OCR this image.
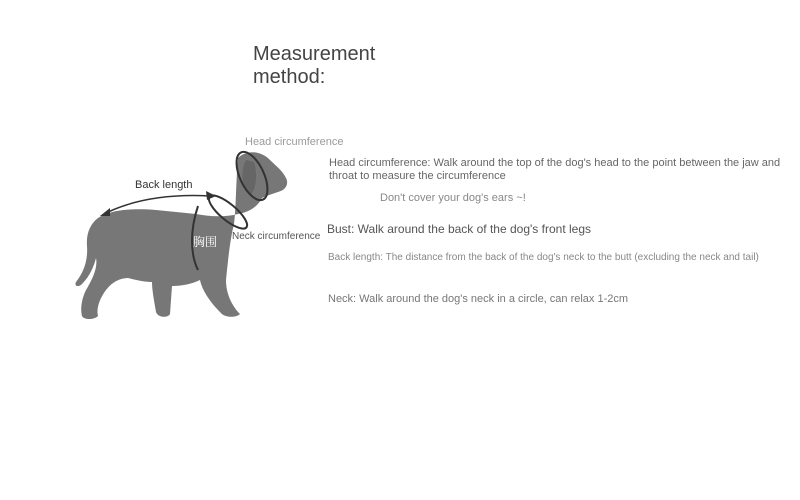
Measurement method:
Head circumference
Back length
Neck circumference
胸围
Head circumference: Walk around the top of the dog's head to the point between the jaw and throat to measure the circumference
Don't cover your dog's ears ~!
Bust: Walk around the back of the dog's front legs
Back length: The distance from the back of the dog's neck to the butt (excluding the neck and tail)
Neck: Walk around the dog's neck in a circle, can relax 1-2cm
